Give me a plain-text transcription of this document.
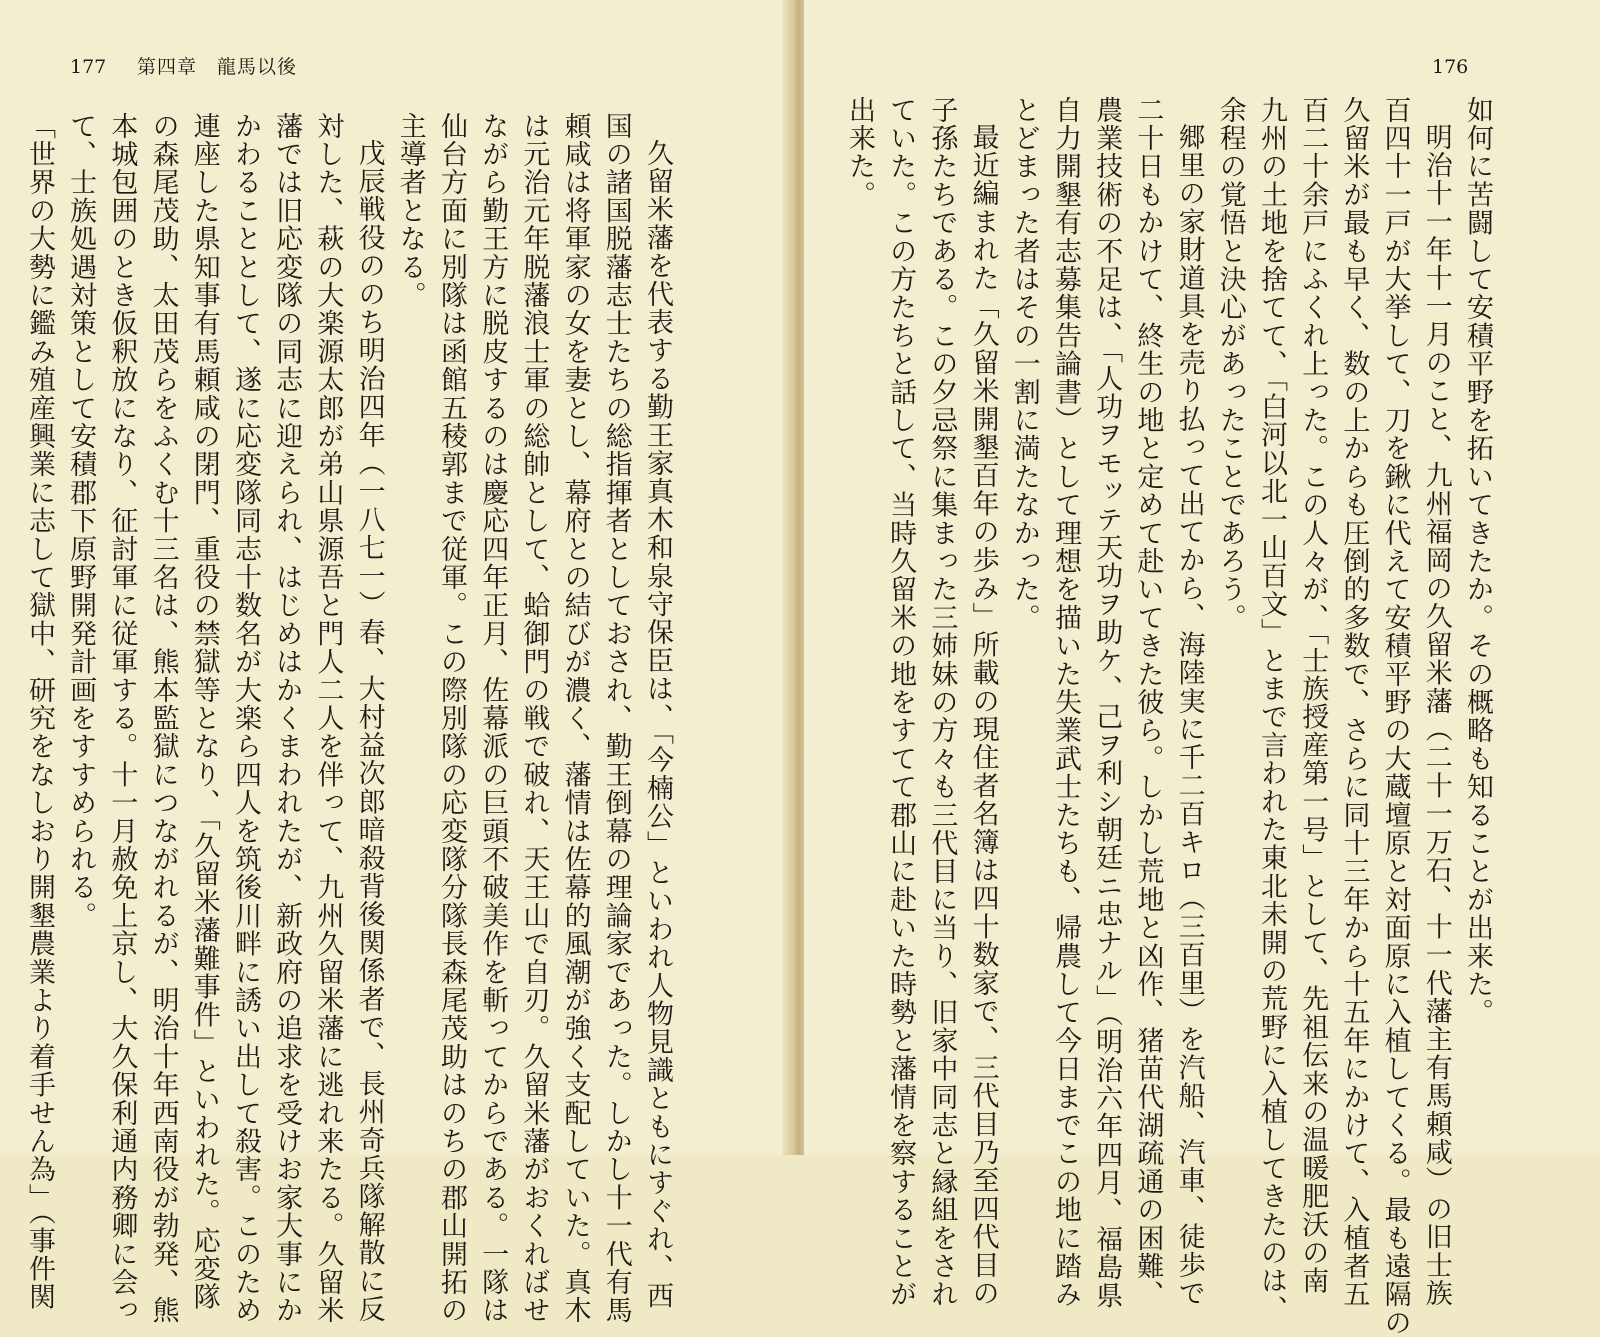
177 第四章　龍馬以後

久留米藩を代表する勤王家真木和泉守保臣は、「今楠公」といわれ人物見識ともにすぐれ、西

国の諸国脱藩志士たちの総指揮者としておされ、勤王倒幕の理論家であった。しかし十一代有馬

頼咸は将軍家の女を妻とし、幕府との結びが濃く、藩情は佐幕的風潮が強く支配していた。真木

は元治元年脱藩浪士軍の総帥として、蛤御門の戦で破れ、天王山で自刃。久留米藩がおくればせ

ながら勤王方に脱皮するのは慶応四年正月、佐幕派の巨頭不破美作を斬ってからである。一隊は

仙台方面に別隊は函館五稜郭まで従軍。この際別隊の応変隊分隊長森尾茂助はのちの郡山開拓の

主導者となる。

戊辰戦役ののち明治四年（一八七一）春、大村益次郎暗殺背後関係者で、長州奇兵隊解散に反

対した、萩の大楽源太郎が弟山県源吾と門人二人を伴って、九州久留米藩に逃れ来たる。久留米

藩では旧応変隊の同志に迎えられ、はじめはかくまわれたが、新政府の追求を受けお家大事にか

かわることとして、遂に応変隊同志十数名が大楽ら四人を筑後川畔に誘い出して殺害。このため

連座した県知事有馬頼咸の閉門、重役の禁獄等となり、「久留米藩難事件」といわれた。応変隊

の森尾茂助、太田茂らをふくむ十三名は、熊本監獄につながれるが、明治十年西南役が勃発、熊

本城包囲のとき仮釈放になり、征討軍に従軍する。十一月赦免上京し、大久保利通内務卿に会っ

て、士族処遇対策として安積郡下原野開発計画をすすめられる。

「世界の大勢に鑑み殖産興業に志して獄中、研究をなしおり開墾農業より着手せん為」（事件関

176

如何に苦闘して安積平野を拓いてきたか。その概略も知ることが出来た。

明治十一年十一月のこと、九州福岡の久留米藩（二十一万石、十一代藩主有馬頼咸）の旧士族

百四十一戸が大挙して、刀を鍬に代えて安積平野の大蔵壇原と対面原に入植してくる。最も遠隔の

久留米が最も早く、数の上からも圧倒的多数で、さらに同十三年から十五年にかけて、入植者五

百二十余戸にふくれ上った。この人々が、「士族授産第一号」として、先祖伝来の温暖肥沃の南

九州の土地を捨てて、「白河以北一山百文」とまで言われた東北未開の荒野に入植してきたのは、

余程の覚悟と決心があったことであろう。

郷里の家財道具を売り払って出てから、海陸実に千二百キロ（三百里）を汽船、汽車、徒歩で

二十日もかけて、終生の地と定めて赴いてきた彼ら。しかし荒地と凶作、猪苗代湖疏通の困難、

農業技術の不足は、「人功ヲモッテ天功ヲ助ケ、己ヲ利シ朝廷ニ忠ナル」（明治六年四月、福島県

自力開墾有志募集告論書）として理想を描いた失業武士たちも、帰農して今日までこの地に踏み

とどまった者はその一割に満たなかった。

最近編まれた「久留米開墾百年の歩み」所載の現住者名簿は四十数家で、三代目乃至四代目の

子孫たちである。この夕忌祭に集まった三姉妹の方々も三代目に当り、旧家中同志と縁組をされ

ていた。この方たちと話して、当時久留米の地をすてて郡山に赴いた時勢と藩情を察することが

出来た。
